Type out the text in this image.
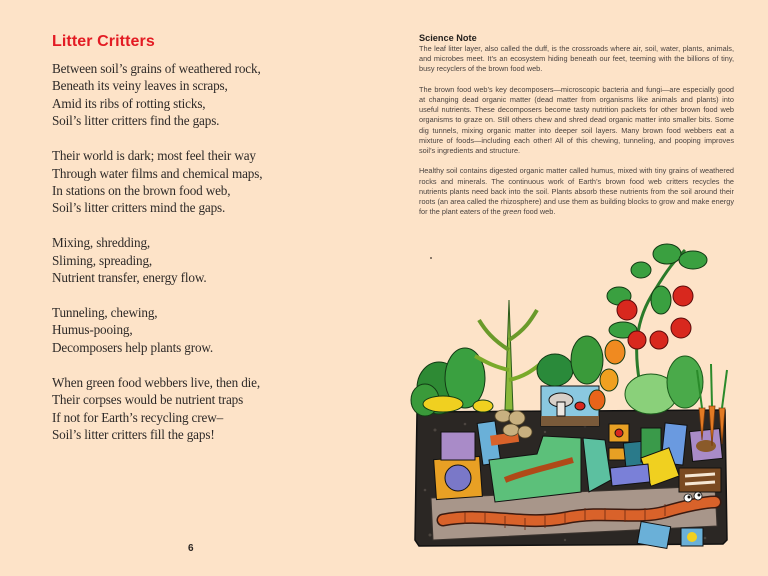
Litter Critters
Between soil’s grains of weathered rock,
Beneath its veiny leaves in scraps,
Amid its ribs of rotting sticks,
Soil’s litter critters find the gaps.
Their world is dark; most feel their way
Through water films and chemical maps,
In stations on the brown food web,
Soil’s litter critters mind the gaps.
Mixing, shredding,
Sliming, spreading,
Nutrient transfer, energy flow.
Tunneling, chewing,
Humus-pooing,
Decomposers help plants grow.
When green food webbers live, then die,
Their corpses would be nutrient traps
If not for Earth’s recycling crew–
Soil’s litter critters fill the gaps!
6
Science Note

The leaf litter layer, also called the duff, is the crossroads where air, soil, water, plants, animals, and microbes meet. It’s an ecosystem hiding beneath our feet, teeming with the billions of tiny, busy recyclers of the brown food web.

The brown food web’s key decomposers—microscopic bacteria and fungi—are especially good at changing dead organic matter (dead matter from organisms like animals and plants) into useful nutrients. These decomposers become tasty nutrition packets for other brown food web organisms to graze on. Still others chew and shred dead organic matter into smaller bits. Some dig tunnels, mixing organic matter into deeper soil layers. Many brown food webbers eat a mixture of foods—including each other! All of this chewing, tunneling, and pooping improves soil’s ingredients and structure.

Healthy soil contains digested organic matter called humus, mixed with tiny grains of weathered rocks and minerals. The continuous work of Earth’s brown food web critters recycles the nutrients plants need back into the soil. Plants absorb these nutrients from the soil around their roots (an area called the rhizosphere) and use them as building blocks to grow and make energy for the plant eaters of the green food web.
